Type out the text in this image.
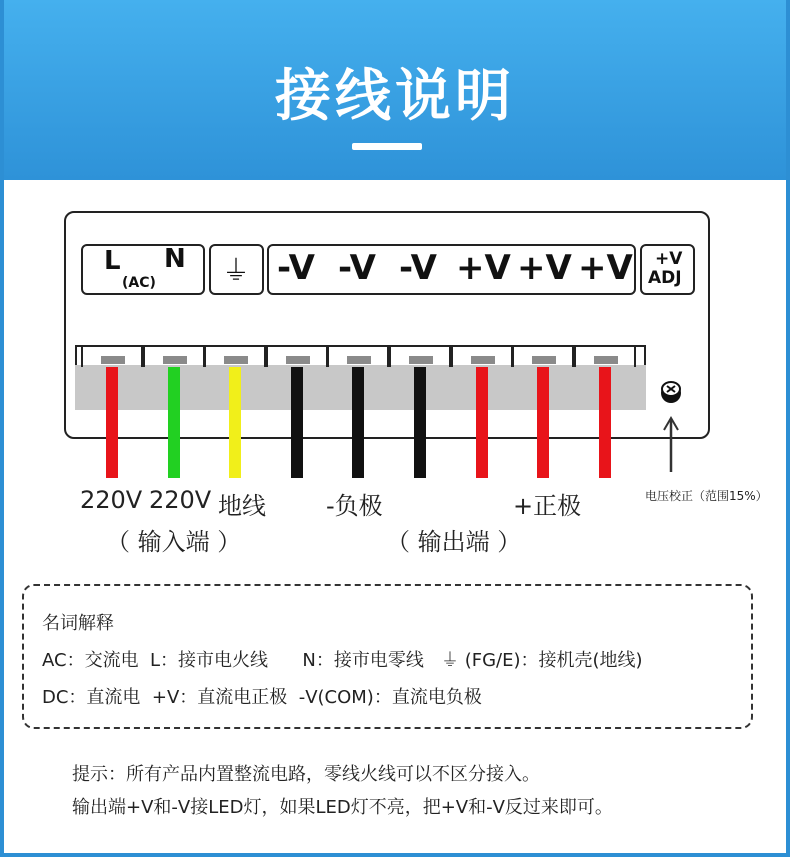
接线说明
L
(AC)
N ⏚ -V -V -V +V +V +V +V
ADJ
220V 220V 地线	-负极	+正极
（ 输入端 ）	（ 输出端 ）
电压校正（范围15%）
名词解释
AC：交流电  L：接市电火线      N：接市电零线   ⏚ (FG/E)：接机壳(地线)
DC：直流电  +V：直流电正极  -V(COM)：直流电负极
提示：所有产品内置整流电路，零线火线可以不区分接入。
输出端+V和-V接LED灯，如果LED灯不亮，把+V和-V反过来即可。
